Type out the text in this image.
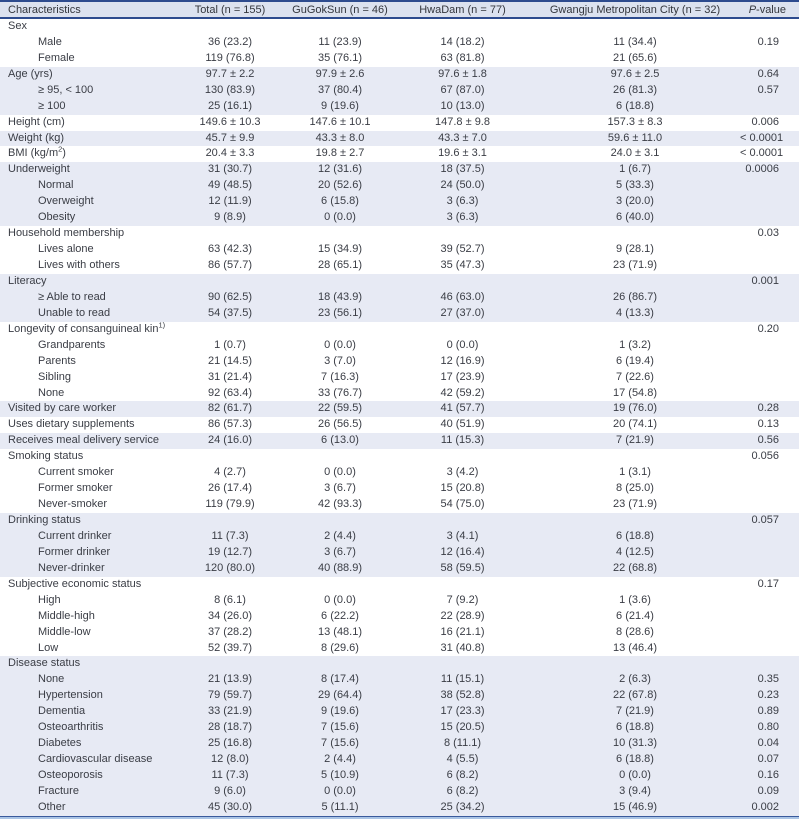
Characteristics	Total (n = 155)	GuGokSun (n = 46)	HwaDam (n = 77)	Gwangju Metropolitan City (n = 32)	P-value
Sex					
Male	36 (23.2)	11 (23.9)	14 (18.2)	11 (34.4)	0.19
Female	119 (76.8)	35 (76.1)	63 (81.8)	21 (65.6)	
Age (yrs)	97.7 ± 2.2	97.9 ± 2.6	97.6 ± 1.8	97.6 ± 2.5	0.64
≥ 95, < 100	130 (83.9)	37 (80.4)	67 (87.0)	26 (81.3)	0.57
≥ 100	25 (16.1)	9 (19.6)	10 (13.0)	6 (18.8)	
Height (cm)	149.6 ± 10.3	147.6 ± 10.1	147.8 ± 9.8	157.3 ± 8.3	0.006
Weight (kg)	45.7 ± 9.9	43.3 ± 8.0	43.3 ± 7.0	59.6 ± 11.0	< 0.0001
BMI $(kg/m^2)$	20.4 ± 3.3	19.8 ± 2.7	19.6 ± 3.1	24.0 ± 3.1	< 0.0001
Underweight	31 (30.7)	12 (31.6)	18 (37.5)	1 (6.7)	0.0006
Normal	49 (48.5)	20 (52.6)	24 (50.0)	5 (33.3)	
Overweight	12 (11.9)	6 (15.8)	3 (6.3)	3 (20.0)	
Obesity	9 (8.9)	0 (0.0)	3 (6.3)	6 (40.0)	
Household membership					0.03
Lives alone	63 (42.3)	15 (34.9)	39 (52.7)	9 (28.1)	
Lives with others	86 (57.7)	28 (65.1)	35 (47.3)	23 (71.9)	
Literacy					0.001
≥ Able to read	90 (62.5)	18 (43.9)	46 (63.0)	26 (86.7)	
Unable to read	54 (37.5)	23 (56.1)	27 (37.0)	4 (13.3)	
Longevity of consanguineal kin$^{1)}$					0.20
Grandparents	1 (0.7)	0 (0.0)	0 (0.0)	1 (3.2)	
Parents	21 (14.5)	3 (7.0)	12 (16.9)	6 (19.4)	
Sibling	31 (21.4)	7 (16.3)	17 (23.9)	7 (22.6)	
None	92 (63.4)	33 (76.7)	42 (59.2)	17 (54.8)	
Visited by care worker	82 (61.7)	22 (59.5)	41 (57.7)	19 (76.0)	0.28
Uses dietary supplements	86 (57.3)	26 (56.5)	40 (51.9)	20 (74.1)	0.13
Receives meal delivery service	24 (16.0)	6 (13.0)	11 (15.3)	7 (21.9)	0.56
Smoking status					0.056
Current smoker	4 (2.7)	0 (0.0)	3 (4.2)	1 (3.1)	
Former smoker	26 (17.4)	3 (6.7)	15 (20.8)	8 (25.0)	
Never-smoker	119 (79.9)	42 (93.3)	54 (75.0)	23 (71.9)	
Drinking status					0.057
Current drinker	11 (7.3)	2 (4.4)	3 (4.1)	6 (18.8)	
Former drinker	19 (12.7)	3 (6.7)	12 (16.4)	4 (12.5)	
Never-drinker	120 (80.0)	40 (88.9)	58 (59.5)	22 (68.8)	
Subjective economic status					0.17
High	8 (6.1)	0 (0.0)	7 (9.2)	1 (3.6)	
Middle-high	34 (26.0)	6 (22.2)	22 (28.9)	6 (21.4)	
Middle-low	37 (28.2)	13 (48.1)	16 (21.1)	8 (28.6)	
Low	52 (39.7)	8 (29.6)	31 (40.8)	13 (46.4)	
Disease status					
None	21 (13.9)	8 (17.4)	11 (15.1)	2 (6.3)	0.35
Hypertension	79 (59.7)	29 (64.4)	38 (52.8)	22 (67.8)	0.23
Dementia	33 (21.9)	9 (19.6)	17 (23.3)	7 (21.9)	0.89
Osteoarthritis	28 (18.7)	7 (15.6)	15 (20.5)	6 (18.8)	0.80
Diabetes	25 (16.8)	7 (15.6)	8 (11.1)	10 (31.3)	0.04
Cardiovascular disease	12 (8.0)	2 (4.4)	4 (5.5)	6 (18.8)	0.07
Osteoporosis	11 (7.3)	5 (10.9)	6 (8.2)	0 (0.0)	0.16
Fracture	9 (6.0)	0 (0.0)	6 (8.2)	3 (9.4)	0.09
Other	45 (30.0)	5 (11.1)	25 (34.2)	15 (46.9)	0.002
